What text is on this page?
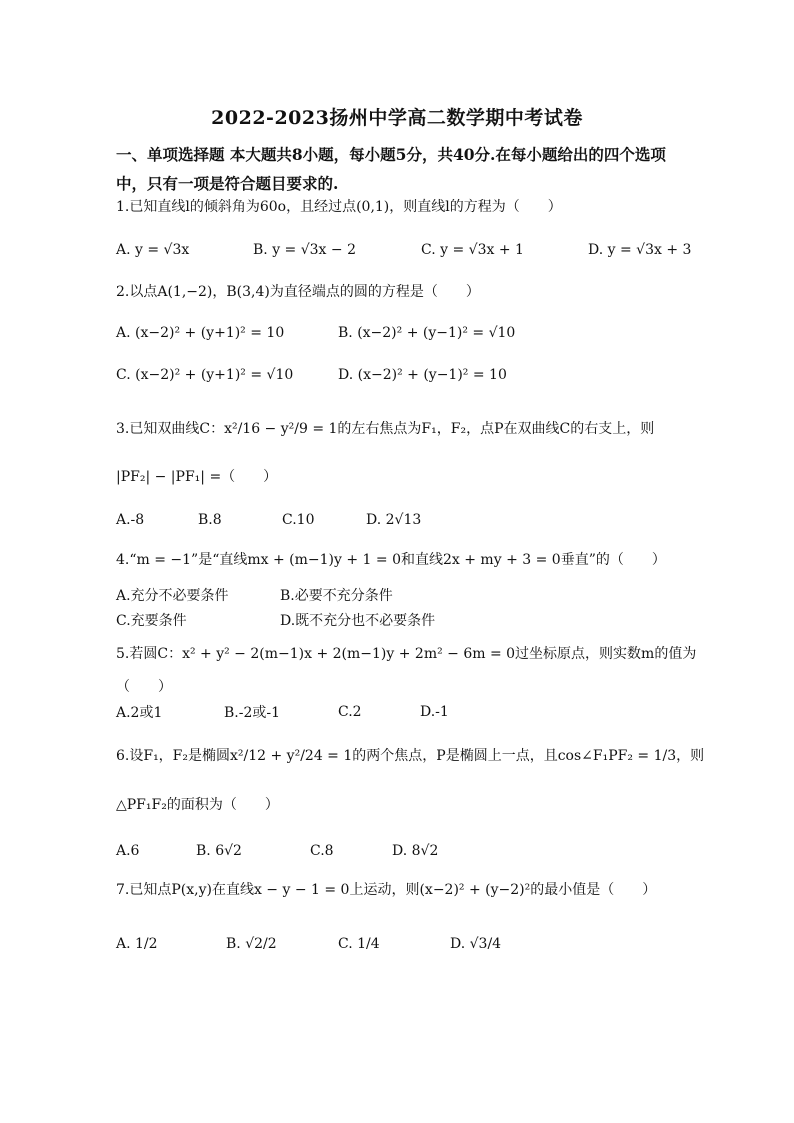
2022-2023扬州中学高二数学期中考试卷
一、单项选择题 本大题共8小题，每小题5分，共40分.在每小题给出的四个选项中，只有一项是符合题目要求的.
1.已知直线l的倾斜角为60o，且经过点(0,1)，则直线l的方程为（　　）
A. y = √3x	B. y = √3x − 2	C. y = √3x + 1	D. y = √3x + 3
2.以点A(1,−2)，B(3,4)为直径端点的圆的方程是（　　）
A. (x−2)² + (y+1)² = 10	B. (x−2)² + (y−1)² = √10
C. (x−2)² + (y+1)² = √10	D. (x−2)² + (y−1)² = 10
3.已知双曲线C：x²/16 − y²/9 = 1的左右焦点为F₁，F₂，点P在双曲线C的右支上，则
|PF₂| − |PF₁| =（　　）
A.-8	B.8	C.10	D. 2√13
4.“m = −1”是“直线mx + (m−1)y + 1 = 0和直线2x + my + 3 = 0垂直”的（　　）
A.充分不必要条件	B.必要不充分条件
C.充要条件	D.既不充分也不必要条件
5.若圆C：x² + y² − 2(m−1)x + 2(m−1)y + 2m² − 6m = 0过坐标原点，则实数m的值为
（　　）
A.2或1	B.-2或-1	C.2	D.-1
6.设F₁，F₂是椭圆x²/12 + y²/24 = 1的两个焦点，P是椭圆上一点，且cos∠F₁PF₂ = 1/3，则
△PF₁F₂的面积为（　　）
A.6	B. 6√2	C.8	D. 8√2
7.已知点P(x,y)在直线x − y − 1 = 0上运动，则(x−2)² + (y−2)²的最小值是（　　）
A. 1/2	B. √2/2	C. 1/4	D. √3/4
